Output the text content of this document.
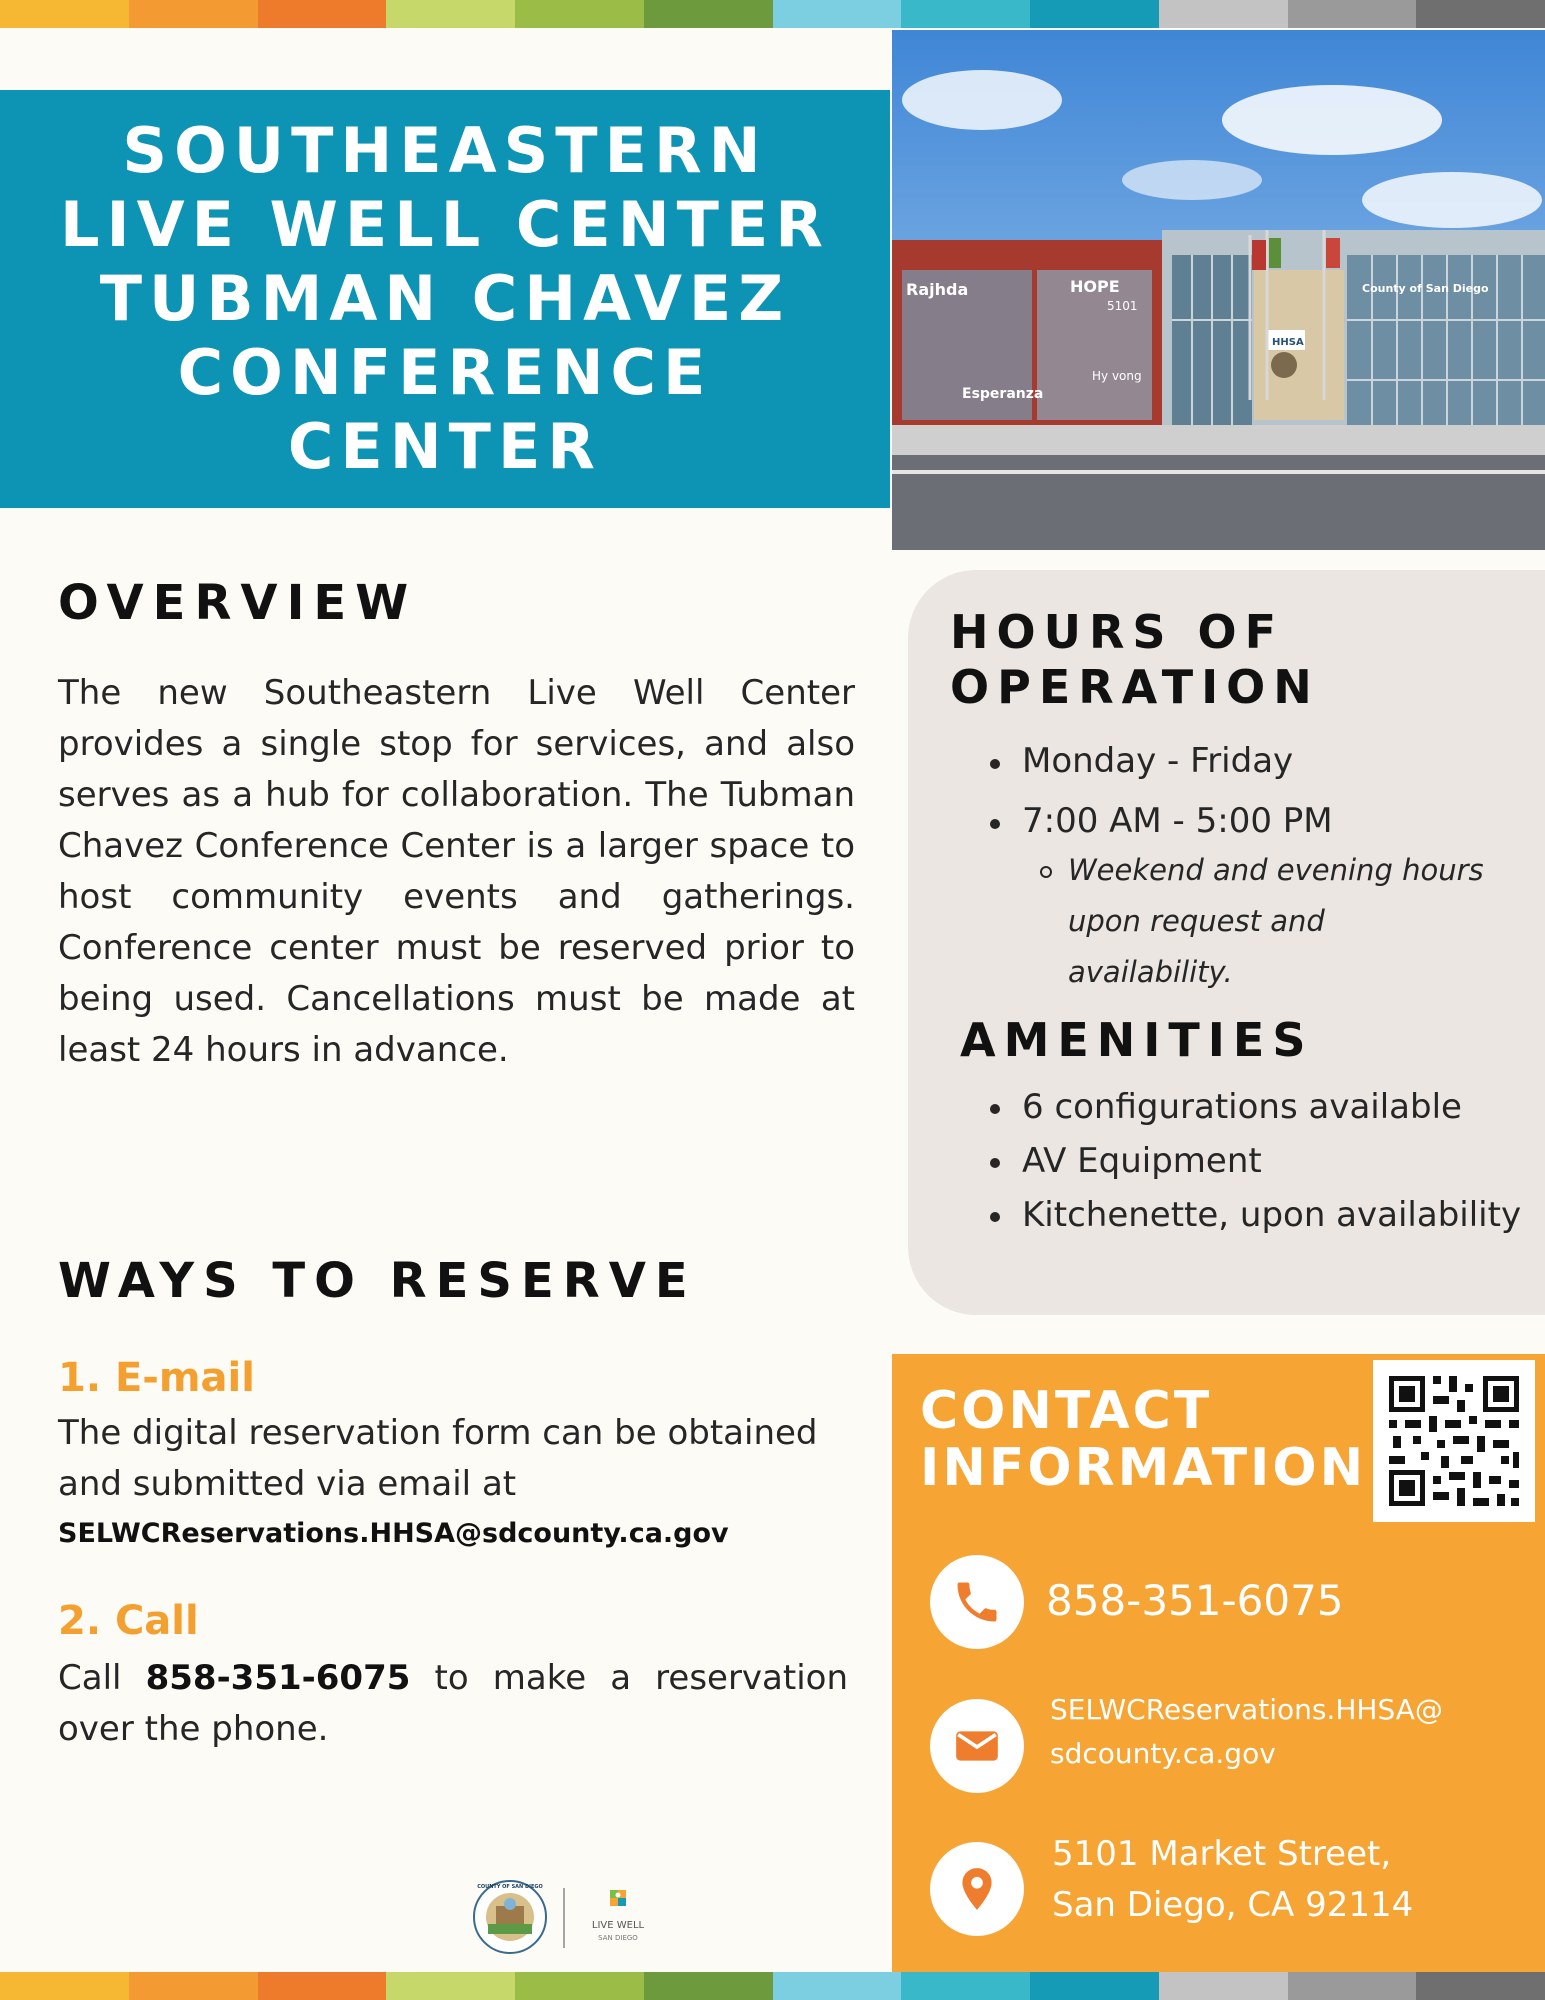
SOUTHEASTERN
LIVE WELL CENTER
TUBMAN CHAVEZ
CONFERENCE
CENTER
Rajhda	HOPE
5101
Hy vong
Esperanza
HHSA
County of San Diego
OVERVIEW
The new Southeastern Live Well Center provides a single stop for services, and also serves as a hub for collaboration. The Tubman Chavez Conference Center is a larger space to host community events and gatherings. Conference center must be reserved prior to being used. Cancellations must be made at least 24 hours in advance.
WAYS TO RESERVE
1. E-mail
The digital reservation form can be obtained and submitted via email at
SELWCReservations.HHSA@sdcounty.ca.gov
2. Call
Call 858-351-6075 to make a reservation over the phone.
HOURS OF
OPERATION
Monday - Friday
7:00 AM - 5:00 PM
Weekend and evening hours upon request and availability.
AMENITIES
6 configurations available
AV Equipment
Kitchenette, upon availability
CONTACT
INFORMATION
858-351-6075
SELWCReservations.HHSA@
sdcounty.ca.gov
5101 Market Street,
San Diego, CA 92114
COUNTY OF SAN DIEGO
LIVE WELL
SAN DIEGO
